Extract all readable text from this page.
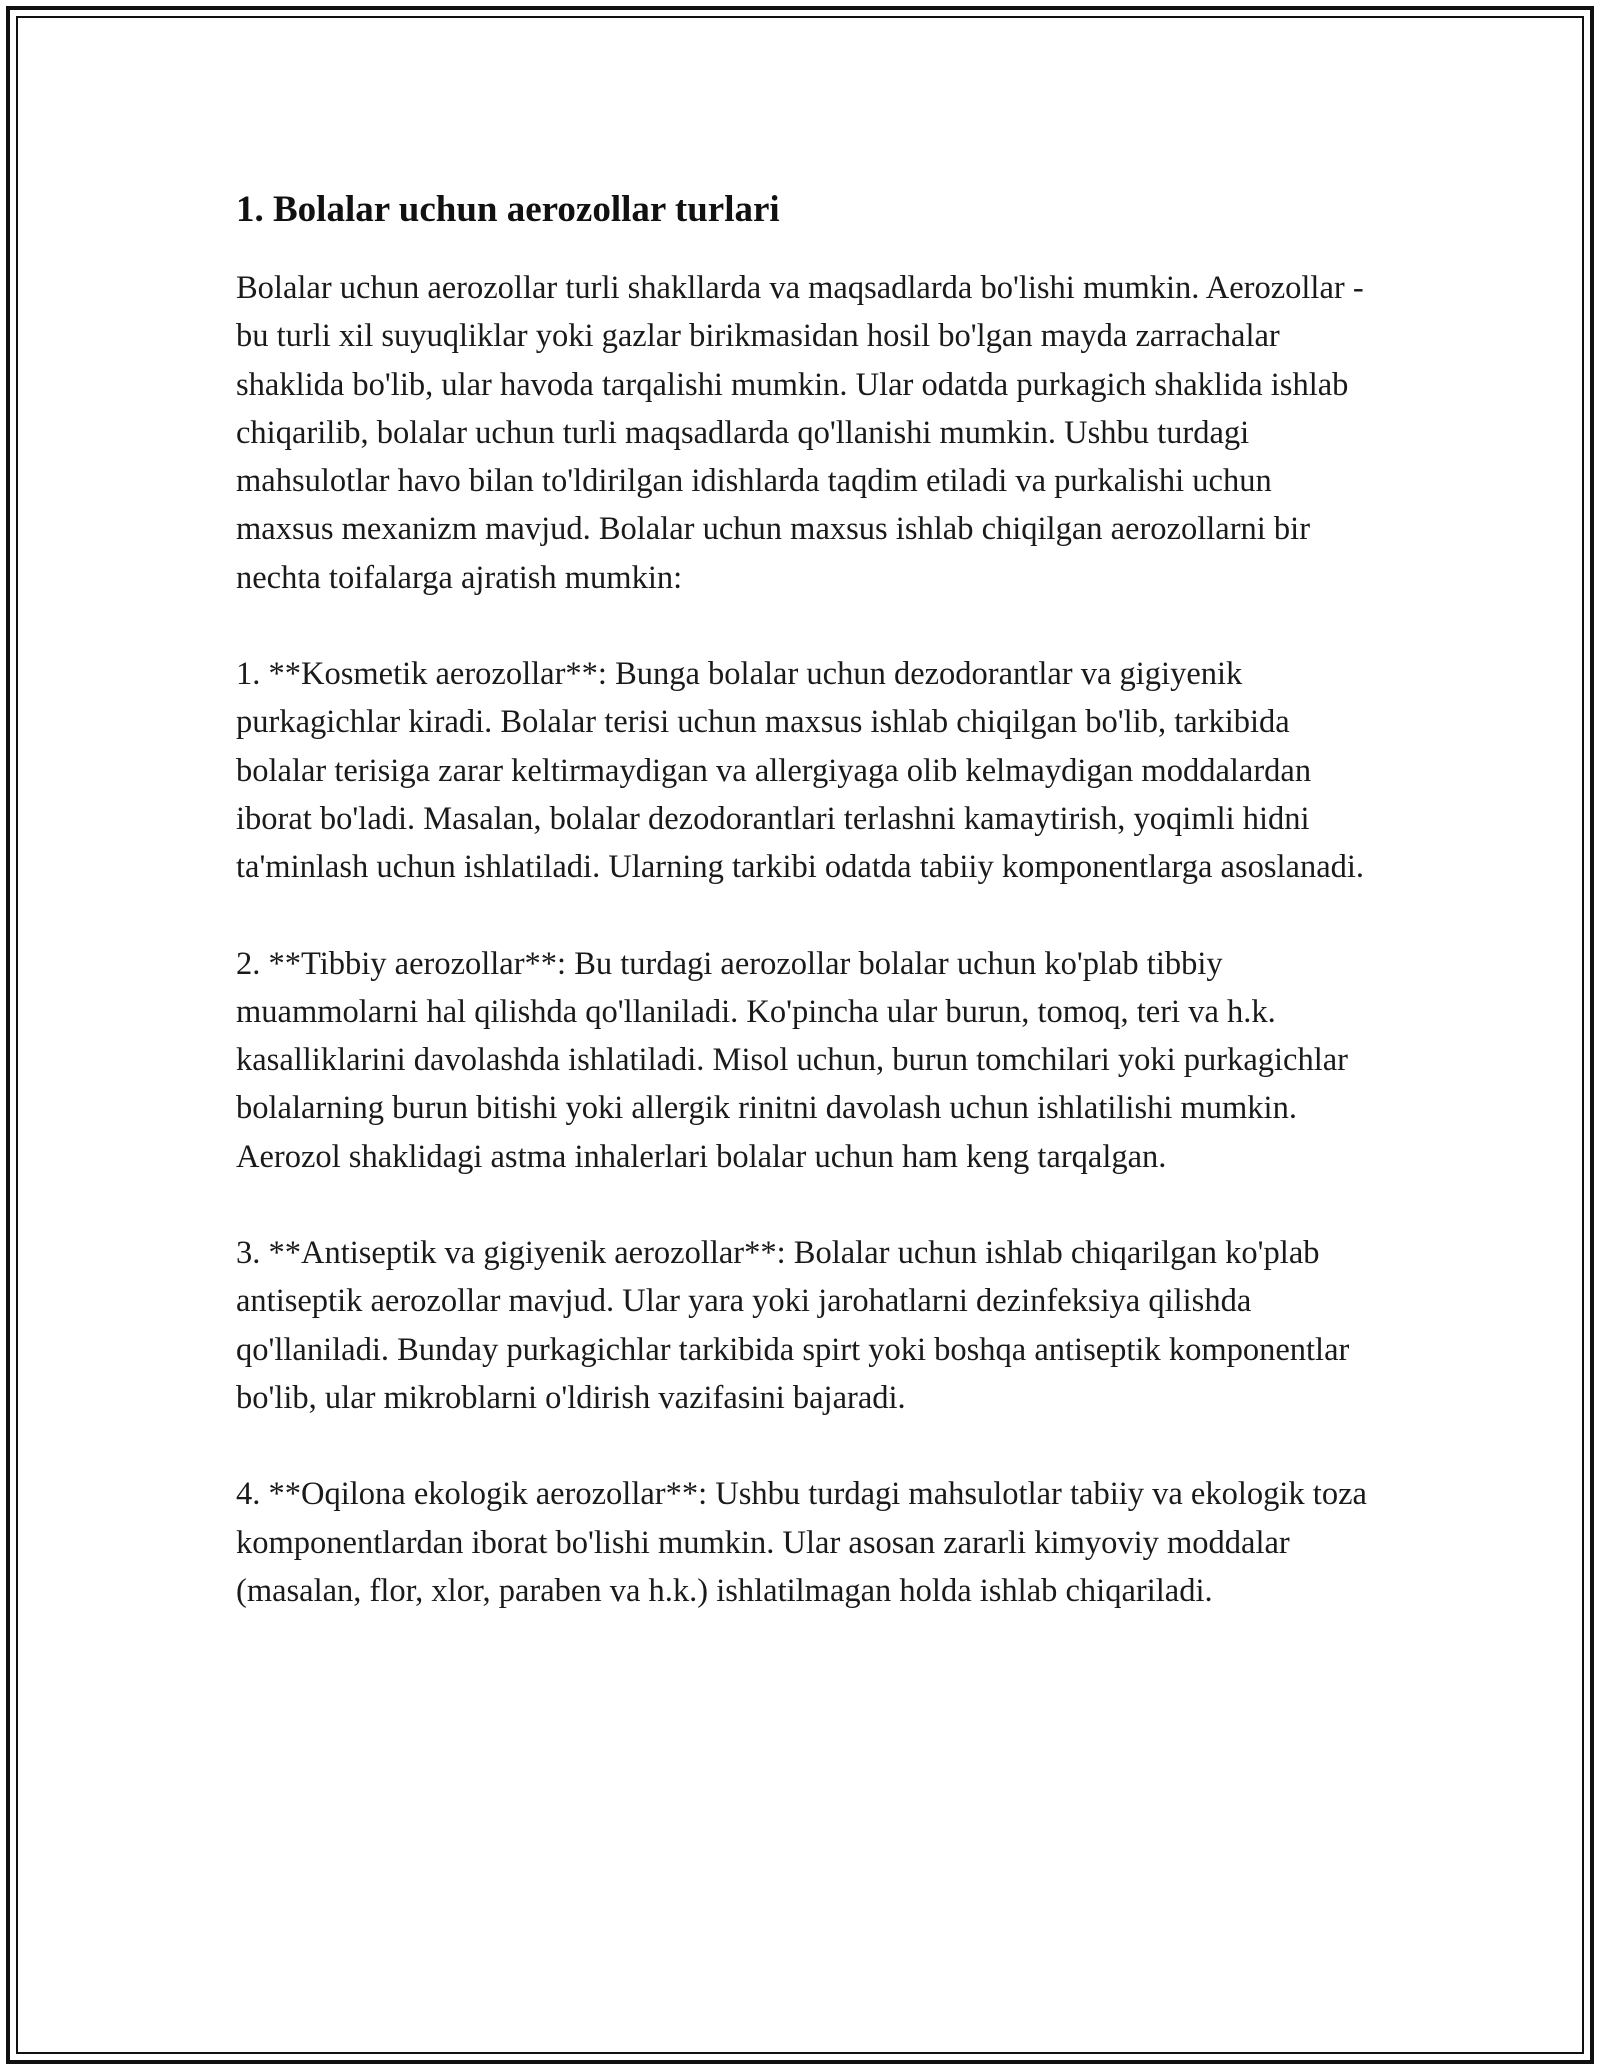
1. Bolalar uchun aerozollar turlari

Bolalar uchun aerozollar turli shakllarda va maqsadlarda bo'lishi mumkin. Aerozollar - bu turli xil suyuqliklar yoki gazlar birikmasidan hosil bo'lgan mayda zarrachalar shaklida bo'lib, ular havoda tarqalishi mumkin. Ular odatda purkagich shaklida ishlab chiqarilib, bolalar uchun turli maqsadlarda qo'llanishi mumkin. Ushbu turdagi mahsulotlar havo bilan to'ldirilgan idishlarda taqdim etiladi va purkalishi uchun maxsus mexanizm mavjud. Bolalar uchun maxsus ishlab chiqilgan aerozollarni bir nechta toifalarga ajratish mumkin:

1. **Kosmetik aerozollar**: Bunga bolalar uchun dezodorantlar va gigiyenik purkagichlar kiradi. Bolalar terisi uchun maxsus ishlab chiqilgan bo'lib, tarkibida bolalar terisiga zarar keltirmaydigan va allergiyaga olib kelmaydigan moddalardan iborat bo'ladi. Masalan, bolalar dezodorantlari terlashni kamaytirish, yoqimli hidni ta'minlash uchun ishlatiladi. Ularning tarkibi odatda tabiiy komponentlarga asoslanadi.

2. **Tibbiy aerozollar**: Bu turdagi aerozollar bolalar uchun ko'plab tibbiy muammolarni hal qilishda qo'llaniladi. Ko'pincha ular burun, tomoq, teri va h.k. kasalliklarini davolashda ishlatiladi. Misol uchun, burun tomchilari yoki purkagichlar bolalarning burun bitishi yoki allergik rinitni davolash uchun ishlatilishi mumkin. Aerozol shaklidagi astma inhalerlari bolalar uchun ham keng tarqalgan.

3. **Antiseptik va gigiyenik aerozollar**: Bolalar uchun ishlab chiqarilgan ko'plab antiseptik aerozollar mavjud. Ular yara yoki jarohatlarni dezinfeksiya qilishda qo'llaniladi. Bunday purkagichlar tarkibida spirt yoki boshqa antiseptik komponentlar bo'lib, ular mikroblarni o'ldirish vazifasini bajaradi.

4. **Oqilona ekologik aerozollar**: Ushbu turdagi mahsulotlar tabiiy va ekologik toza komponentlardan iborat bo'lishi mumkin. Ular asosan zararli kimyoviy moddalar (masalan, flor, xlor, paraben va h.k.) ishlatilmagan holda ishlab chiqariladi.
